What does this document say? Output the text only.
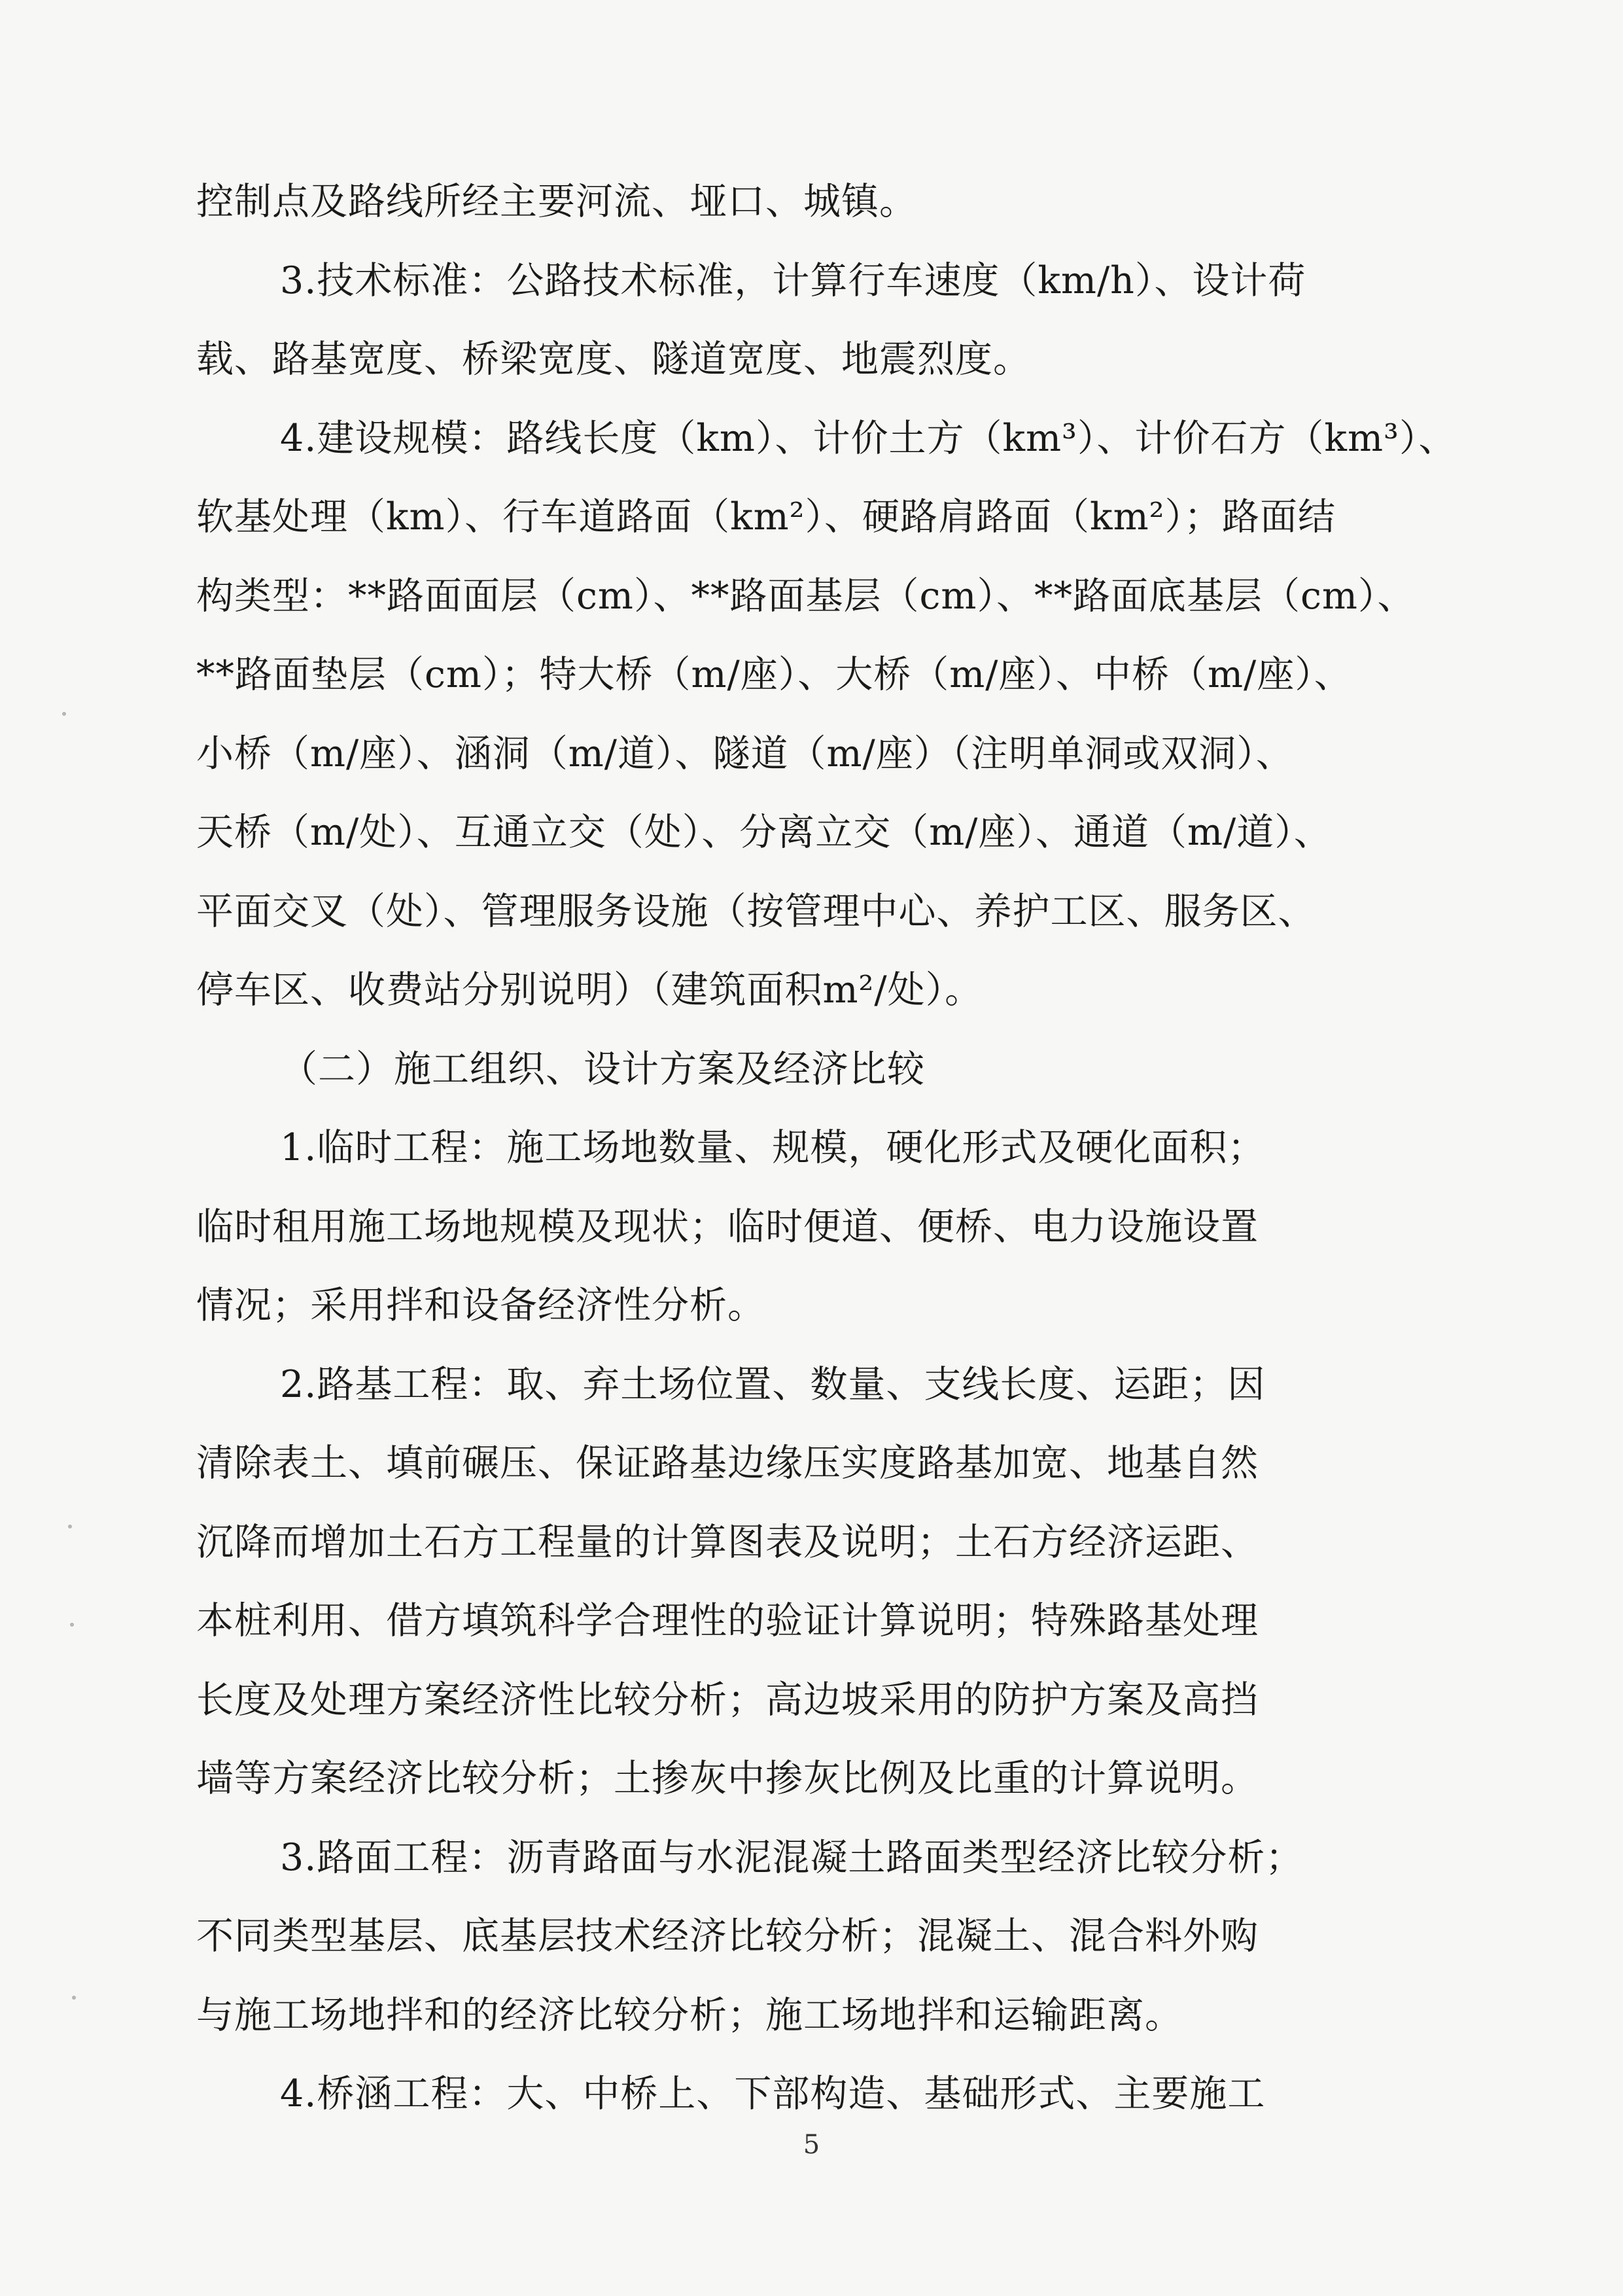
控制点及路线所经主要河流、垭口、城镇。
3.技术标准：公路技术标准，计算行车速度（km/h）、设计荷
载、路基宽度、桥梁宽度、隧道宽度、地震烈度。
4.建设规模：路线长度（km）、计价土方（km³）、计价石方（km³）、
软基处理（km）、行车道路面（km²）、硬路肩路面（km²）；路面结
构类型：**路面面层（cm）、**路面基层（cm）、**路面底基层（cm）、
**路面垫层（cm）；特大桥（m/座）、大桥（m/座）、中桥（m/座）、
小桥（m/座）、涵洞（m/道）、隧道（m/座）（注明单洞或双洞）、
天桥（m/处）、互通立交（处）、分离立交（m/座）、通道（m/道）、
平面交叉（处）、管理服务设施（按管理中心、养护工区、服务区、
停车区、收费站分别说明）（建筑面积m²/处）。
（二）施工组织、设计方案及经济比较
1.临时工程：施工场地数量、规模，硬化形式及硬化面积；
临时租用施工场地规模及现状；临时便道、便桥、电力设施设置
情况；采用拌和设备经济性分析。
2.路基工程：取、弃土场位置、数量、支线长度、运距；因
清除表土、填前碾压、保证路基边缘压实度路基加宽、地基自然
沉降而增加土石方工程量的计算图表及说明；土石方经济运距、
本桩利用、借方填筑科学合理性的验证计算说明；特殊路基处理
长度及处理方案经济性比较分析；高边坡采用的防护方案及高挡
墙等方案经济比较分析；土掺灰中掺灰比例及比重的计算说明。
3.路面工程：沥青路面与水泥混凝土路面类型经济比较分析；
不同类型基层、底基层技术经济比较分析；混凝土、混合料外购
与施工场地拌和的经济比较分析；施工场地拌和运输距离。
4.桥涵工程：大、中桥上、下部构造、基础形式、主要施工
5
